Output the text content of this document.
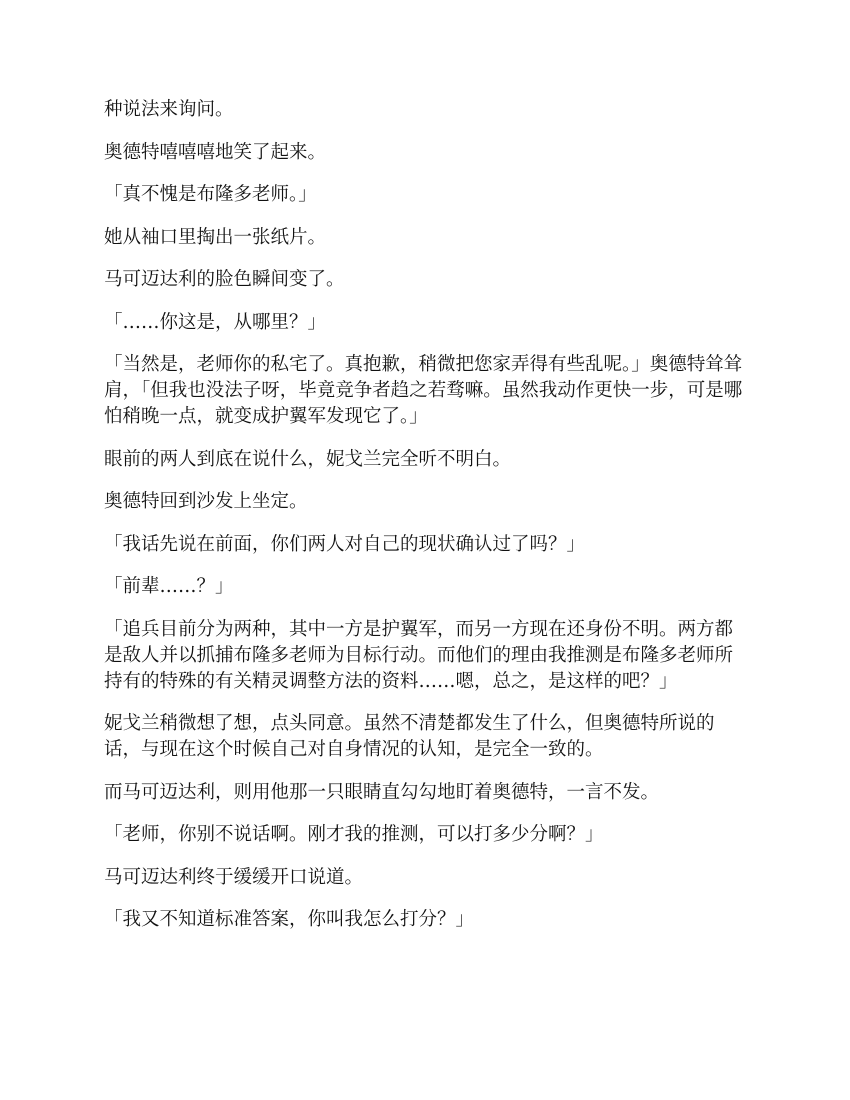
种说法来询问。

奥德特嘻嘻嘻地笑了起来。

「真不愧是布隆多老师。」

她从袖口里掏出一张纸片。

马可迈达利的脸色瞬间变了。

「……你这是，从哪里？」

「当然是，老师你的私宅了。真抱歉，稍微把您家弄得有些乱呢。」奥德特耸耸肩，「但我也没法子呀，毕竟竞争者趋之若骛嘛。虽然我动作更快一步，可是哪怕稍晚一点，就变成护翼军发现它了。」

眼前的两人到底在说什么，妮戈兰完全听不明白。

奥德特回到沙发上坐定。

「我话先说在前面，你们两人对自己的现状确认过了吗？」

「前辈……？」

「追兵目前分为两种，其中一方是护翼军，而另一方现在还身份不明。两方都是敌人并以抓捕布隆多老师为目标行动。而他们的理由我推测是布隆多老师所持有的特殊的有关精灵调整方法的资料……嗯，总之，是这样的吧？」

妮戈兰稍微想了想，点头同意。虽然不清楚都发生了什么，但奥德特所说的话，与现在这个时候自己对自身情况的认知，是完全一致的。

而马可迈达利，则用他那一只眼睛直勾勾地盯着奥德特，一言不发。

「老师，你别不说话啊。刚才我的推测，可以打多少分啊？」

马可迈达利终于缓缓开口说道。

「我又不知道标准答案，你叫我怎么打分？」
